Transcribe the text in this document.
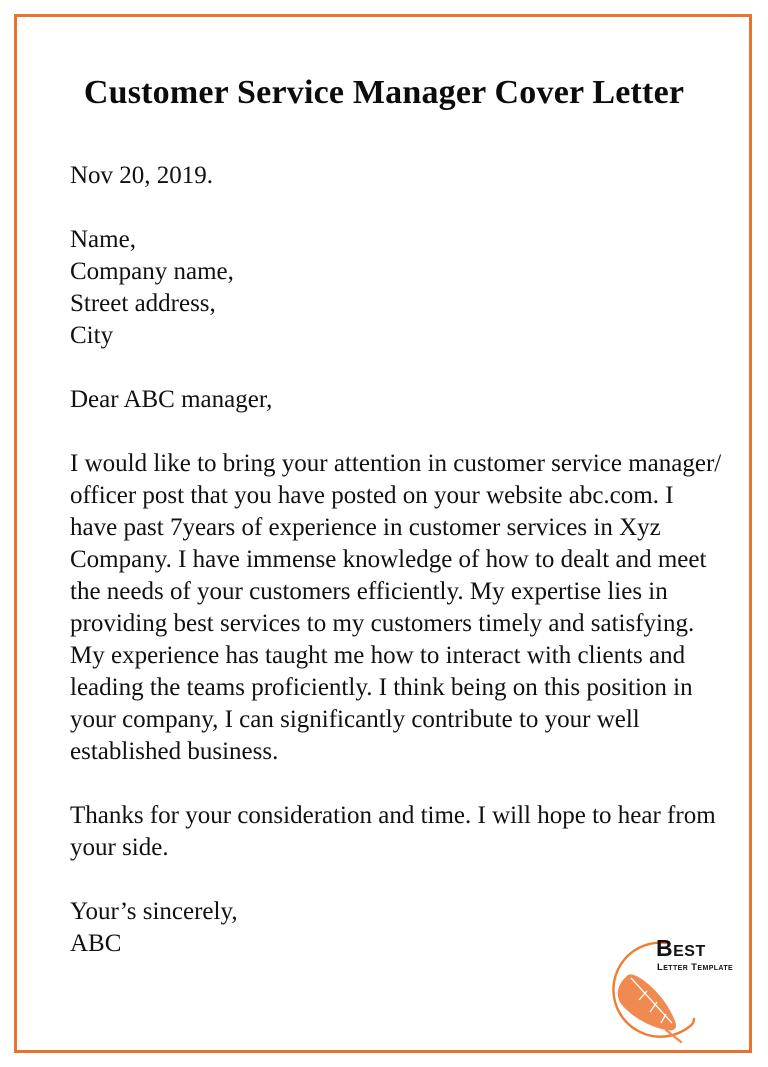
Customer Service Manager Cover Letter

Nov 20, 2019.

Name,
Company name,
Street address,
City

Dear ABC manager,

I would like to bring your attention in customer service manager/ officer post that you have posted on your website abc.com. I have past 7years of experience in customer services in Xyz Company. I have immense knowledge of how to dealt and meet the needs of your customers efficiently. My expertise lies in providing best services to my customers timely and satisfying. My experience has taught me how to interact with clients and leading the teams proficiently. I think being on this position in your company, I can significantly contribute to your well established business.

Thanks for your consideration and time. I will hope to hear from your side.

Your’s sincerely,
ABC	Best
Letter Template
